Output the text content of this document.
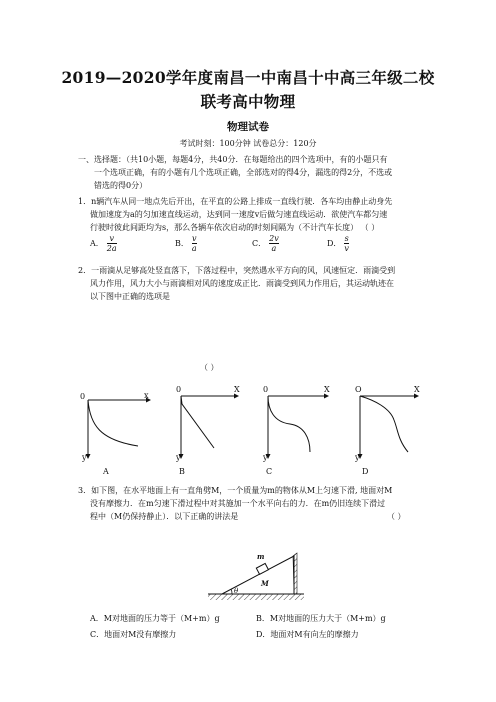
2019—2020学年度南昌一中南昌十中高三年级二校
联考高中物理
物理试卷
考试时刻：100分钟 试卷总分：120分
一、选择题：（共10小题，每题4分，共40分．在每题给出的四个选项中，有的小题只有
一个选项正确，有的小题有几个选项正确，全部选对的得4分，漏选的得2分，不选或
错选的得0分）
1．n辆汽车从同一地点先后开出，在平直的公路上排成一直线行驶．各车均由静止动身先
做加速度为a的匀加速直线运动，达到同一速度v后做匀速直线运动．欲使汽车都匀速
行驶时彼此间距均为s，那么各辆车依次启动的时刻间隔为（不计汽车长度） （ ）
A． $\frac{v}{2a}$	B． $\frac{v}{a}$	C． $\frac{2v}{a}$	D． $\frac{s}{v}$
2．一雨滴从足够高处竖直落下，下落过程中，突然遇水平方向的风，风速恒定．雨滴受到
风力作用，风力大小与雨滴相对风的速度成正比．雨滴受到风力作用后，其运动轨迹在
以下图中正确的选项是
（ ）
0	x
y
A
0	X
y
B
0	X
y
C
O	X
y
D
3．如下图，在水平地面上有一直角劈M，一个质量为m的物体从M上匀速下滑, 地面对M
没有摩擦力．在m匀速下滑过程中对其施加一个水平向右的力．在m仍旧连续下滑过
程中（M仍保持静止）．以下正确的讲法是	（ ）
m
M
θ
A．M对地面的压力等于（M+m）g	B．M对地面的压力大于（M+m）g
C．地面对M没有摩擦力	D．地面对M有向左的摩擦力
